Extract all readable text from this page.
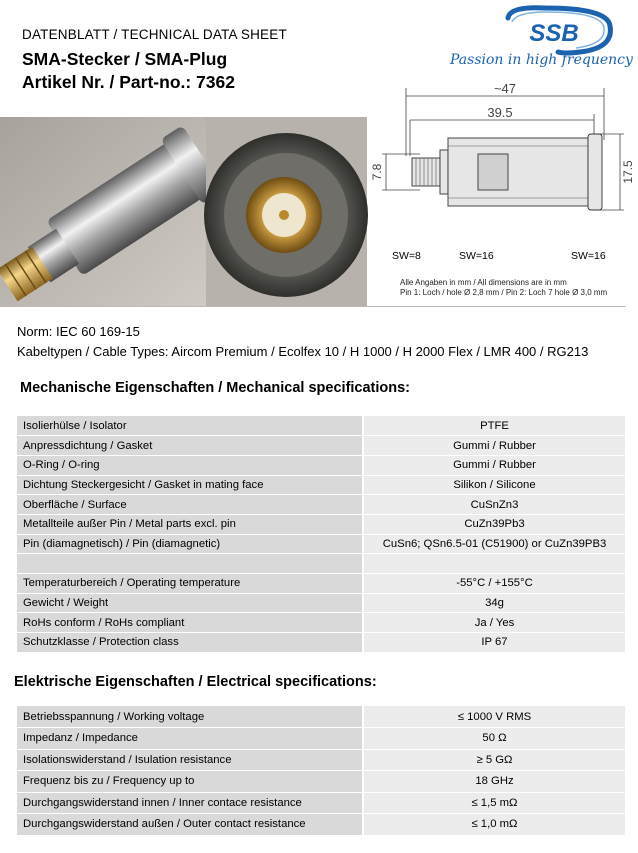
DATENBLATT / TECHNICAL DATA SHEET
SMA-Stecker / SMA-Plug
Artikel Nr. / Part-no.: 7362
SSB
Passion in high frequency
~47
39.5
7.8	17.5
SW=8	SW=16	SW=16
Alle Angaben in mm / All dimensions are in mm
Pin 1: Loch / hole Ø 2,8 mm / Pin 2: Loch 7 hole Ø 3,0 mm
Norm: IEC 60 169-15
Kabeltypen / Cable Types: Aircom Premium / Ecolfex 10 / H 1000 / H 2000 Flex / LMR 400 / RG213
Mechanische Eigenschaften / Mechanical specifications:
Isolierhülse / Isolator	PTFE
Anpressdichtung / Gasket	Gummi / Rubber
O-Ring / O-ring	Gummi / Rubber
Dichtung Steckergesicht / Gasket in mating face	Silikon / Silicone
Oberfläche / Surface	CuSnZn3
Metallteile außer Pin / Metal parts excl. pin	CuZn39Pb3
Pin (diamagnetisch) / Pin (diamagnetic)	CuSn6; QSn6.5-01 (C51900) or CuZn39PB3

Temperaturbereich / Operating temperature	-55°C / +155°C
Gewicht / Weight	34g
RoHs conform / RoHs compliant	Ja / Yes
Schutzklasse / Protection class	IP 67
Elektrische Eigenschaften / Electrical specifications:
Betriebsspannung / Working voltage	≤ 1000 V RMS
Impedanz / Impedance	50 Ω
Isolationswiderstand / Isulation resistance	≥ 5 GΩ
Frequenz bis zu / Frequency up to	18 GHz
Durchgangswiderstand innen / Inner contace resistance	≤ 1,5 mΩ
Durchgangswiderstand außen / Outer contact resistance	≤ 1,0 mΩ
